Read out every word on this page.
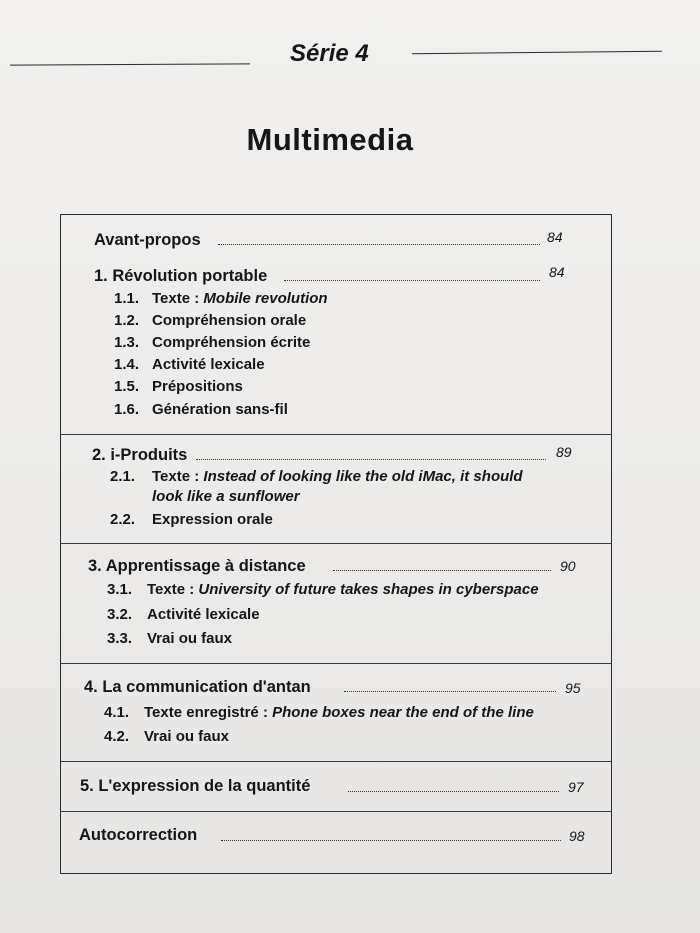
Série 4
Multimedia
Avant-propos	84
1. Révolution portable	84
1.1. Texte : Mobile revolution
1.2. Compréhension orale
1.3. Compréhension écrite
1.4. Activité lexicale
1.5. Prépositions
1.6. Génération sans-fil
2. i-Produits	89
2.1. Texte : Instead of looking like the old iMac, it should
look like a sunflower
2.2. Expression orale
3. Apprentissage à distance	90
3.1. Texte : University of future takes shapes in cyberspace
3.2. Activité lexicale
3.3. Vrai ou faux
4. La communication d'antan	95
4.1. Texte enregistré : Phone boxes near the end of the line
4.2. Vrai ou faux
5. L'expression de la quantité	97
Autocorrection	98
